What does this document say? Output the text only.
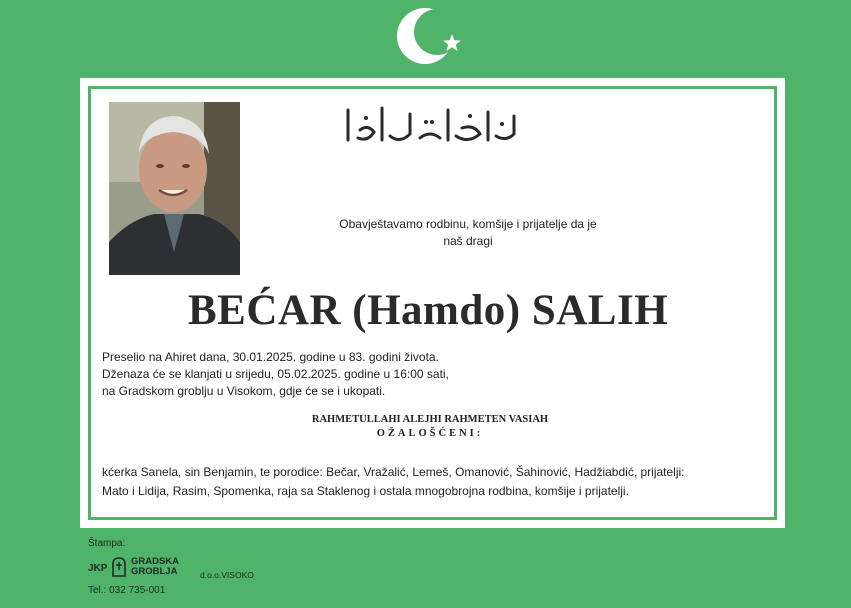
Obavještavamo rodbinu, komšije i prijatelje da je
naš dragi
BEĆAR (Hamdo) SALIH
Preselio na Ahiret dana, 30.01.2025. godine u 83. godini života.
Dženaza će se klanjati u srijedu, 05.02.2025. godine u 16:00 sati,
na Gradskom groblju u Visokom, gdje će se i ukopati.
RAHMETULLAHI ALEJHI RAHMETEN VASIAH
OŽALOŠĆENI:
kćerka Sanela, sin Benjamin, te porodice: Bečar, Vražalić, Lemeš, Omanović, Šahinović, Hadžiabdić, prijatelji:
Mato i Lidija, Rasim, Spomenka, raja sa Staklenog i ostala mnogobrojna rodbina, komšije i prijatelji.
Štampa:
JKP
GRADSKA
GROBLJA	d.o.o.VISOKO
Tel.: 032 735-001
